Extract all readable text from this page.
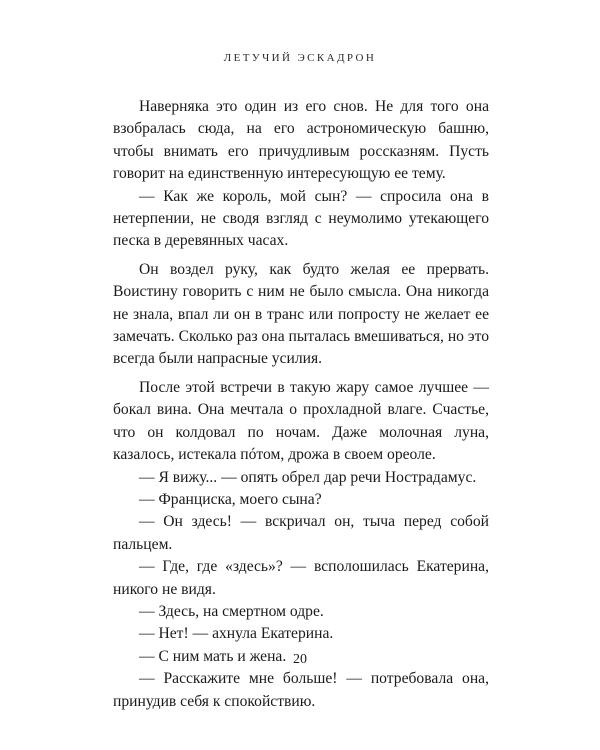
ЛЕТУЧИЙ ЭСКАДРОН

Наверняка это один из его снов. Не для того она взобралась сюда, на его астрономическую башню, чтобы внимать его причудливым россказням. Пусть говорит на единственную интересующую ее тему.

— Как же король, мой сын? — спросила она в нетерпении, не сводя взгляд с неумолимо утекающего песка в деревянных часах.

Он воздел руку, как будто желая ее прервать. Воистину говорить с ним не было смысла. Она никогда не знала, впал ли он в транс или попросту не желает ее замечать. Сколько раз она пыталась вмешиваться, но это всегда были напрасные усилия.

После этой встречи в такую жару самое лучшее — бокал вина. Она мечтала о прохладной влаге. Счастье, что он колдовал по ночам. Даже молочная луна, казалось, истекала пóтом, дрожа в своем ореоле.

— Я вижу... — опять обрел дар речи Нострадамус.

— Франциска, моего сына?

— Он здесь! — вскричал он, тыча перед собой пальцем.

— Где, где «здесь»? — всполошилась Екатерина, никого не видя.

— Здесь, на смертном одре.

— Нет! — ахнула Екатерина.

— С ним мать и жена.

— Расскажите мне больше! — потребовала она, принудив себя к спокойствию.

20
